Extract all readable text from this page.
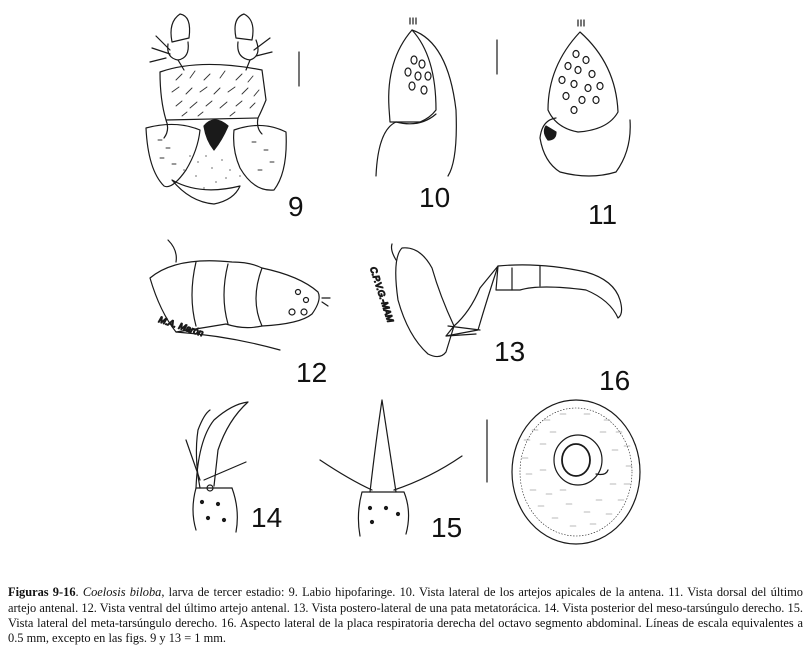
M.A. Marón
C.P.V.G.-MAM
9	10
11
12
13
14	15
16

Figuras 9-16. Coelosis biloba, larva de tercer estadio: 9. Labio hipofaringe. 10. Vista lateral de los artejos apicales de la antena. 11. Vista dorsal del último artejo antenal. 12. Vista ventral del último artejo antenal. 13. Vista postero-lateral de una pata metatorácica. 14. Vista posterior del meso-tarsúngulo derecho. 15. Vista lateral del meta-tarsúngulo derecho. 16. Aspecto lateral de la placa respiratoria derecha del octavo segmento abdominal. Líneas de escala equivalentes a 0.5 mm, excepto en las figs. 9 y 13 = 1 mm.
